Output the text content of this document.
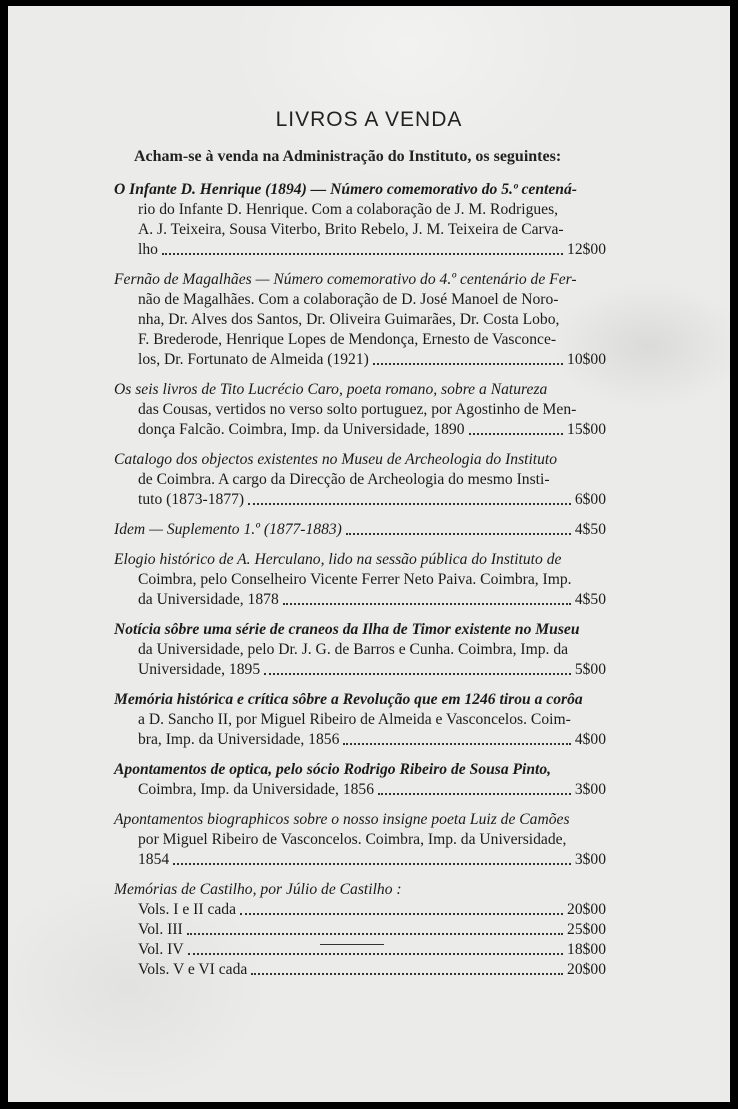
LIVROS A VENDA
Acham-se à venda na Administração do Instituto, os seguintes:
O Infante D. Henrique (1894) — Número comemorativo do 5.º centená-
rio do Infante D. Henrique. Com a colaboração de J. M. Rodrigues,
A. J. Teixeira, Sousa Viterbo, Brito Rebelo, J. M. Teixeira de Carva-
lho	12$00
Fernão de Magalhães — Número comemorativo do 4.º centenário de Fer-
não de Magalhães. Com a colaboração de D. José Manoel de Noro-
nha, Dr. Alves dos Santos, Dr. Oliveira Guimarães, Dr. Costa Lobo,
F. Brederode, Henrique Lopes de Mendonça, Ernesto de Vasconce-
los, Dr. Fortunato de Almeida (1921)	10$00
Os seis livros de Tito Lucrécio Caro, poeta romano, sobre a Natureza
das Cousas, vertidos no verso solto portuguez, por Agostinho de Men-
donça Falcão. Coimbra, Imp. da Universidade, 1890	15$00
Catalogo dos objectos existentes no Museu de Archeologia do Instituto
de Coimbra. A cargo da Direcção de Archeologia do mesmo Insti-
tuto (1873-1877)	6$00
Idem — Suplemento 1.º (1877-1883)	4$50
Elogio histórico de A. Herculano, lido na sessão pública do Instituto de
Coimbra, pelo Conselheiro Vicente Ferrer Neto Paiva. Coimbra, Imp.
da Universidade, 1878	4$50
Notícia sôbre uma série de craneos da Ilha de Timor existente no Museu
da Universidade, pelo Dr. J. G. de Barros e Cunha. Coimbra, Imp. da
Universidade, 1895	5$00
Memória histórica e crítica sôbre a Revolução que em 1246 tirou a corôa
a D. Sancho II, por Miguel Ribeiro de Almeida e Vasconcelos. Coim-
bra, Imp. da Universidade, 1856	4$00
Apontamentos de optica, pelo sócio Rodrigo Ribeiro de Sousa Pinto,
Coimbra, Imp. da Universidade, 1856	3$00
Apontamentos biographicos sobre o nosso insigne poeta Luiz de Camões
por Miguel Ribeiro de Vasconcelos. Coimbra, Imp. da Universidade,
1854	3$00
Memórias de Castilho, por Júlio de Castilho :
Vols. I e II cada	20$00
Vol. III	25$00
Vol. IV	18$00
Vols. V e VI cada	20$00
